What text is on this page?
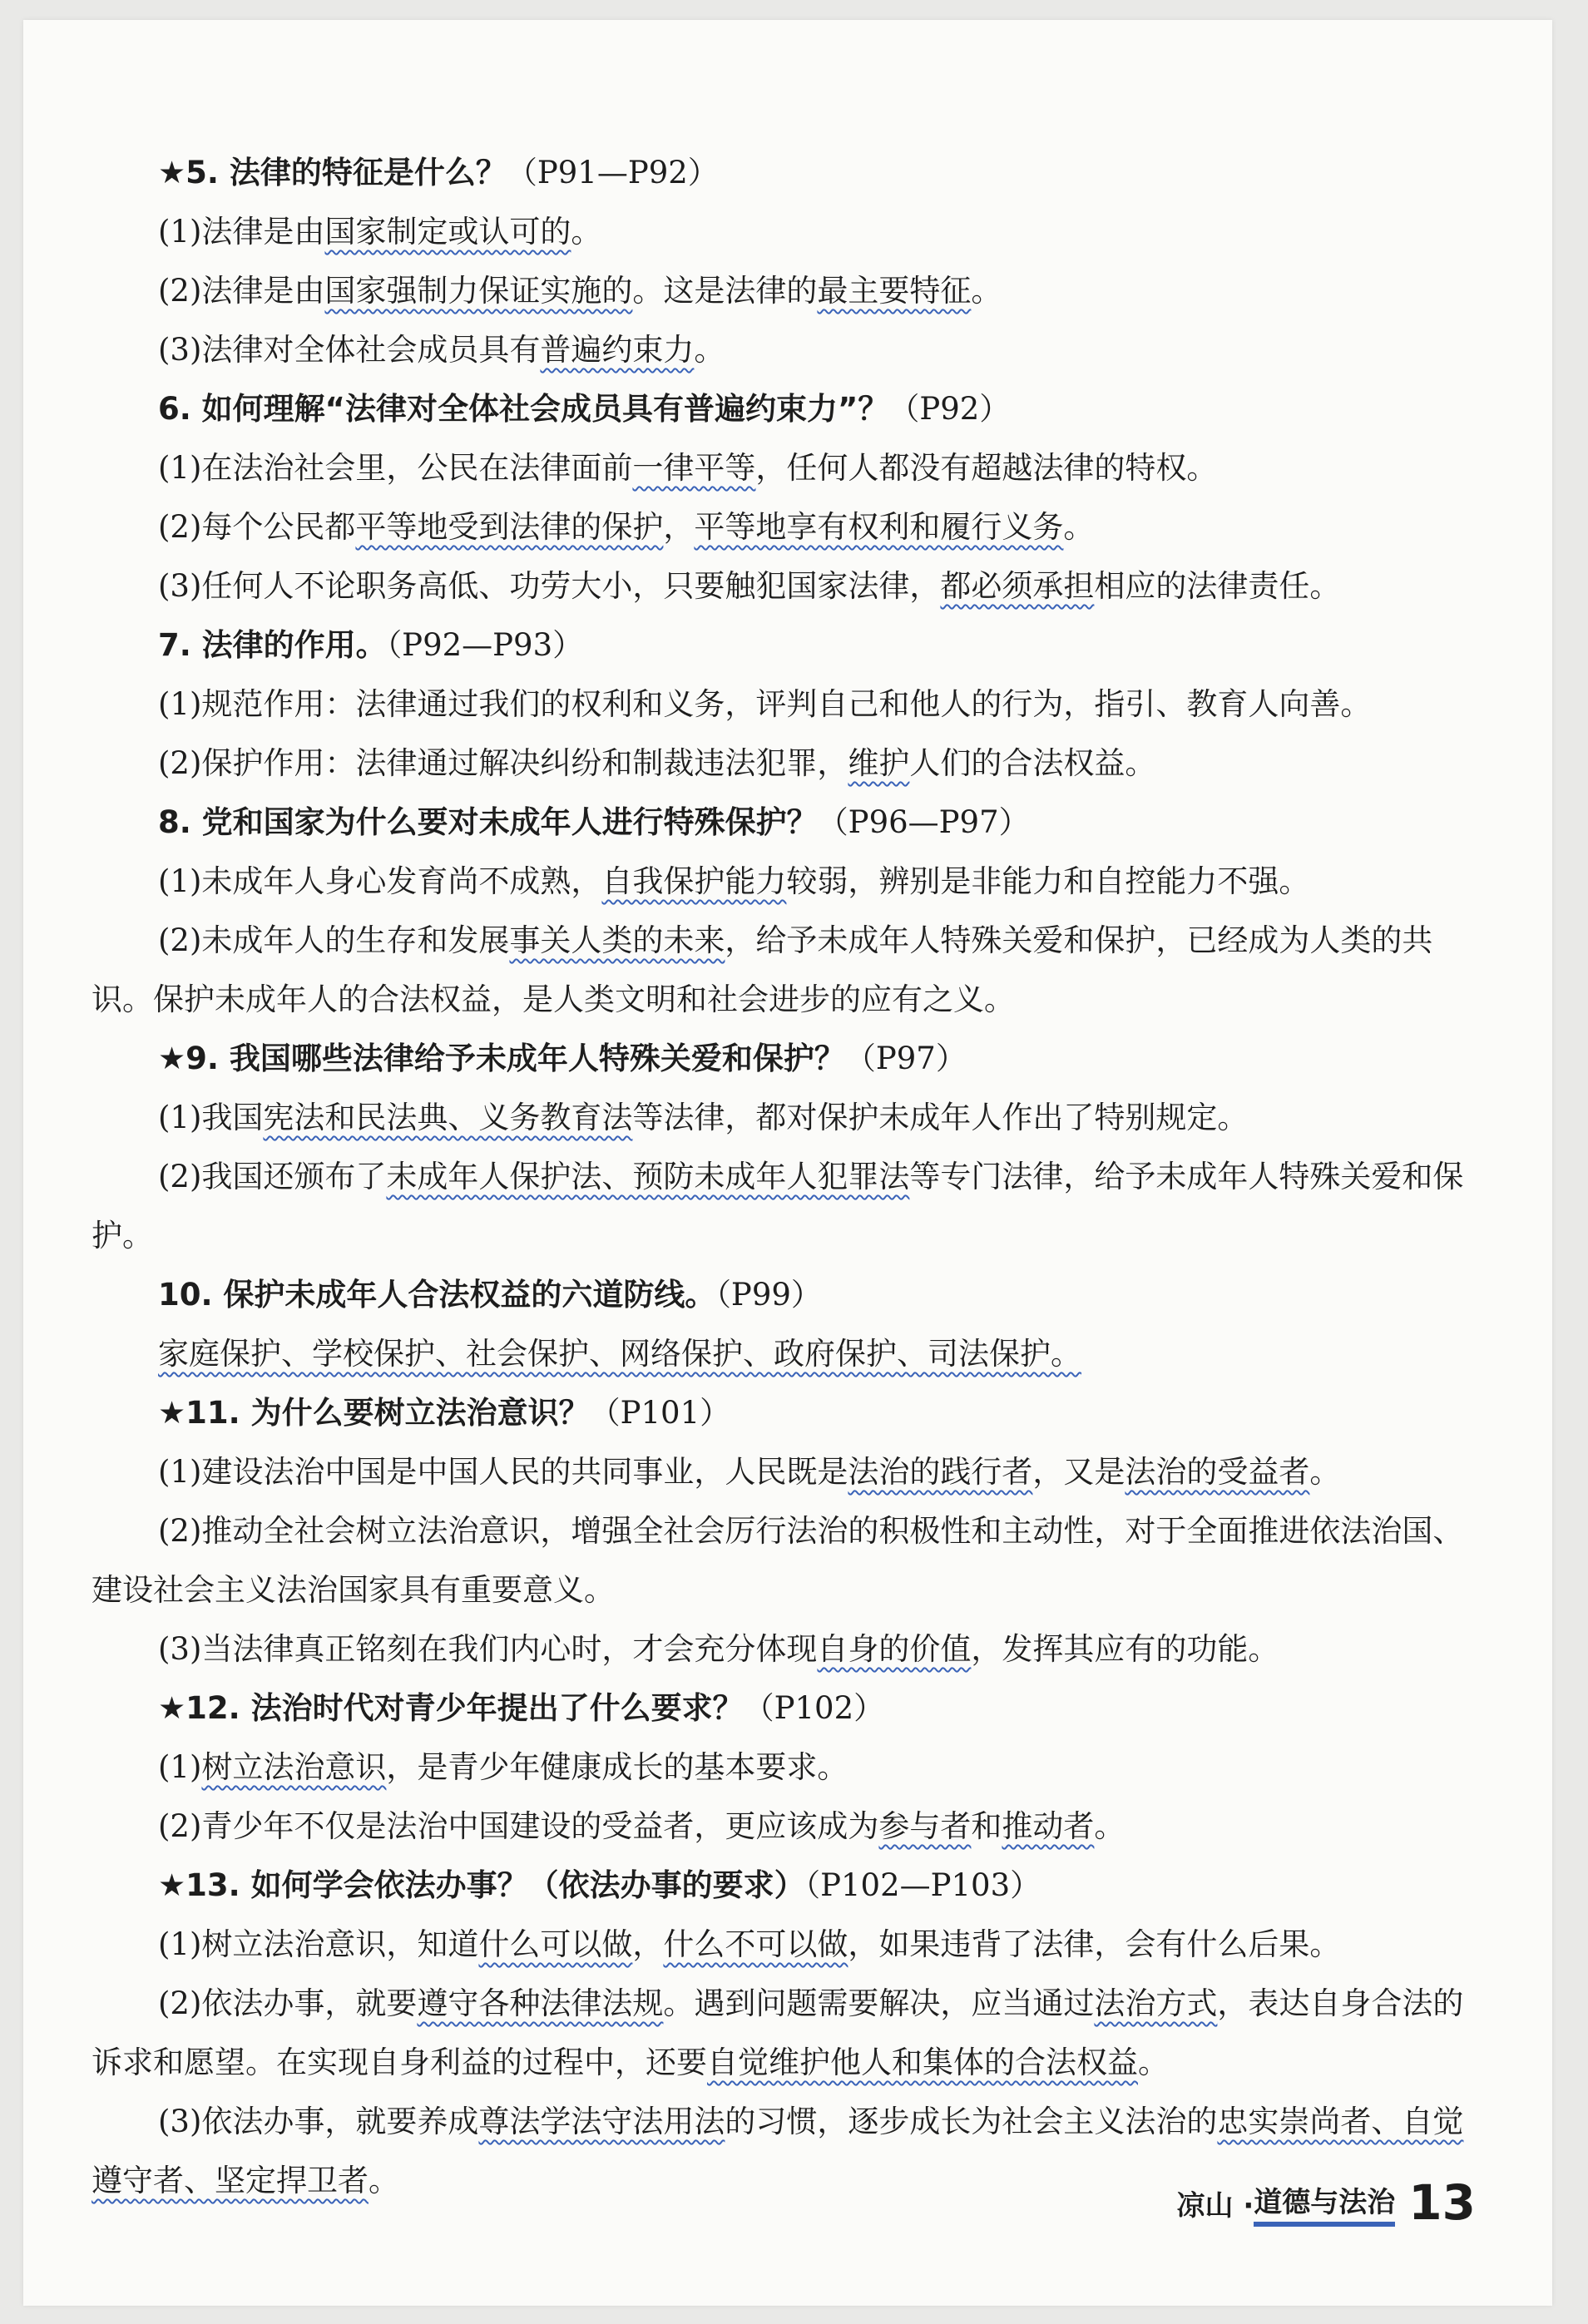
★5. 法律的特征是什么？（P91—P92）
(1)法律是由国家制定或认可的。
(2)法律是由国家强制力保证实施的。这是法律的最主要特征。
(3)法律对全体社会成员具有普遍约束力。
6. 如何理解“法律对全体社会成员具有普遍约束力”？（P92）
(1)在法治社会里，公民在法律面前一律平等，任何人都没有超越法律的特权。
(2)每个公民都平等地受到法律的保护，平等地享有权利和履行义务。
(3)任何人不论职务高低、功劳大小，只要触犯国家法律，都必须承担相应的法律责任。
7. 法律的作用。（P92—P93）
(1)规范作用：法律通过我们的权利和义务，评判自己和他人的行为，指引、教育人向善。
(2)保护作用：法律通过解决纠纷和制裁违法犯罪，维护人们的合法权益。
8. 党和国家为什么要对未成年人进行特殊保护？（P96—P97）
(1)未成年人身心发育尚不成熟，自我保护能力较弱，辨别是非能力和自控能力不强。
(2)未成年人的生存和发展事关人类的未来，给予未成年人特殊关爱和保护，已经成为人类的共识。保护未成年人的合法权益，是人类文明和社会进步的应有之义。
★9. 我国哪些法律给予未成年人特殊关爱和保护？（P97）
(1)我国宪法和民法典、义务教育法等法律，都对保护未成年人作出了特别规定。
(2)我国还颁布了未成年人保护法、预防未成年人犯罪法等专门法律，给予未成年人特殊关爱和保护。
10. 保护未成年人合法权益的六道防线。（P99）
家庭保护、学校保护、社会保护、网络保护、政府保护、司法保护。
★11. 为什么要树立法治意识？（P101）
(1)建设法治中国是中国人民的共同事业，人民既是法治的践行者，又是法治的受益者。
(2)推动全社会树立法治意识，增强全社会厉行法治的积极性和主动性，对于全面推进依法治国、建设社会主义法治国家具有重要意义。
(3)当法律真正铭刻在我们内心时，才会充分体现自身的价值，发挥其应有的功能。
★12. 法治时代对青少年提出了什么要求？（P102）
(1)树立法治意识，是青少年健康成长的基本要求。
(2)青少年不仅是法治中国建设的受益者，更应该成为参与者和推动者。
★13. 如何学会依法办事？（依法办事的要求）（P102—P103）
(1)树立法治意识，知道什么可以做，什么不可以做，如果违背了法律，会有什么后果。
(2)依法办事，就要遵守各种法律法规。遇到问题需要解决，应当通过法治方式，表达自身合法的诉求和愿望。在实现自身利益的过程中，还要自觉维护他人和集体的合法权益。
(3)依法办事，就要养成尊法学法守法用法的习惯，逐步成长为社会主义法治的忠实崇尚者、自觉遵守者、坚定捍卫者。
凉山 · 道德与法治 13
